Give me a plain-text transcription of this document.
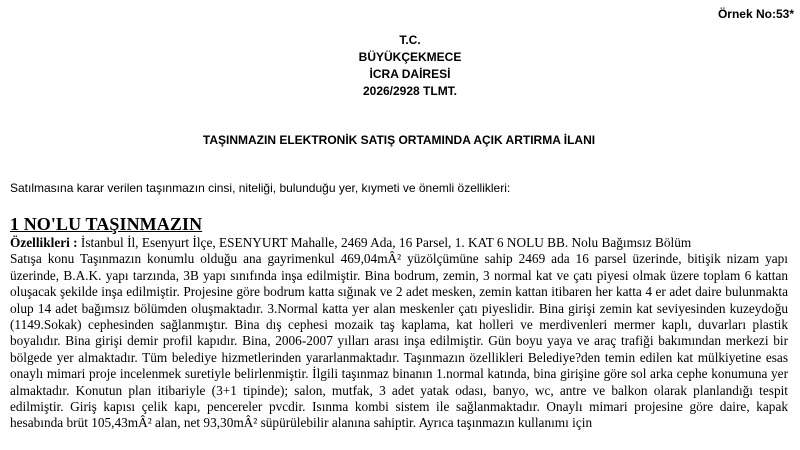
Örnek No:53*
T.C.
BÜYÜKÇEKMECE
İCRA DAİRESİ
2026/2928 TLMT.
TAŞINMAZIN ELEKTRONİK SATIŞ ORTAMINDA AÇIK ARTIRMA İLANI
Satılmasına karar verilen taşınmazın cinsi, niteliği, bulunduğu yer, kıymeti ve önemli özellikleri:
1 NO'LU TAŞINMAZIN

Özellikleri : İstanbul İl, Esenyurt İlçe, ESENYURT Mahalle, 2469 Ada, 16 Parsel, 1. KAT 6 NOLU BB. Nolu Bağımsız Bölüm

Satışa konu Taşınmazın konumlu olduğu ana gayrimenkul 469,04mÂ² yüzölçümüne sahip 2469 ada 16 parsel üzerinde, bitişik nizam yapı üzerinde, B.A.K. yapı tarzında, 3B yapı sınıfında inşa edilmiştir. Bina bodrum, zemin, 3 normal kat ve çatı piyesi olmak üzere toplam 6 kattan oluşacak şekilde inşa edilmiştir. Projesine göre bodrum katta sığınak ve 2 adet mesken, zemin kattan itibaren her katta 4 er adet daire bulunmakta olup 14 adet bağımsız bölümden oluşmaktadır. 3.Normal katta yer alan meskenler çatı piyeslidir. Bina girişi zemin kat seviyesinden kuzeydoğu (1149.Sokak) cephesinden sağlanmıştır. Bina dış cephesi mozaik taş kaplama, kat holleri ve merdivenleri mermer kaplı, duvarları plastik boyalıdır. Bina girişi demir profil kapıdır. Bina, 2006-2007 yılları arası inşa edilmiştir. Gün boyu yaya ve araç trafiği bakımından merkezi bir bölgede yer almaktadır. Tüm belediye hizmetlerinden yararlanmaktadır. Taşınmazın özellikleri Belediye?den temin edilen kat mülkiyetine esas onaylı mimari proje incelenmek suretiyle belirlenmiştir. İlgili taşınmaz binanın 1.normal katında, bina girişine göre sol arka cephe konumuna yer almaktadır. Konutun plan itibariyle (3+1 tipinde); salon, mutfak, 3 adet yatak odası, banyo, wc, antre ve balkon olarak planlandığı tespit edilmiştir. Giriş kapısı çelik kapı, pencereler pvcdir. Isınma kombi sistem ile sağlanmaktadır. Onaylı mimari projesine göre daire, kapak hesabında brüt 105,43mÂ² alan, net 93,30mÂ² süpürülebilir alanına sahiptir. Ayrıca taşınmazın kullanımı için
